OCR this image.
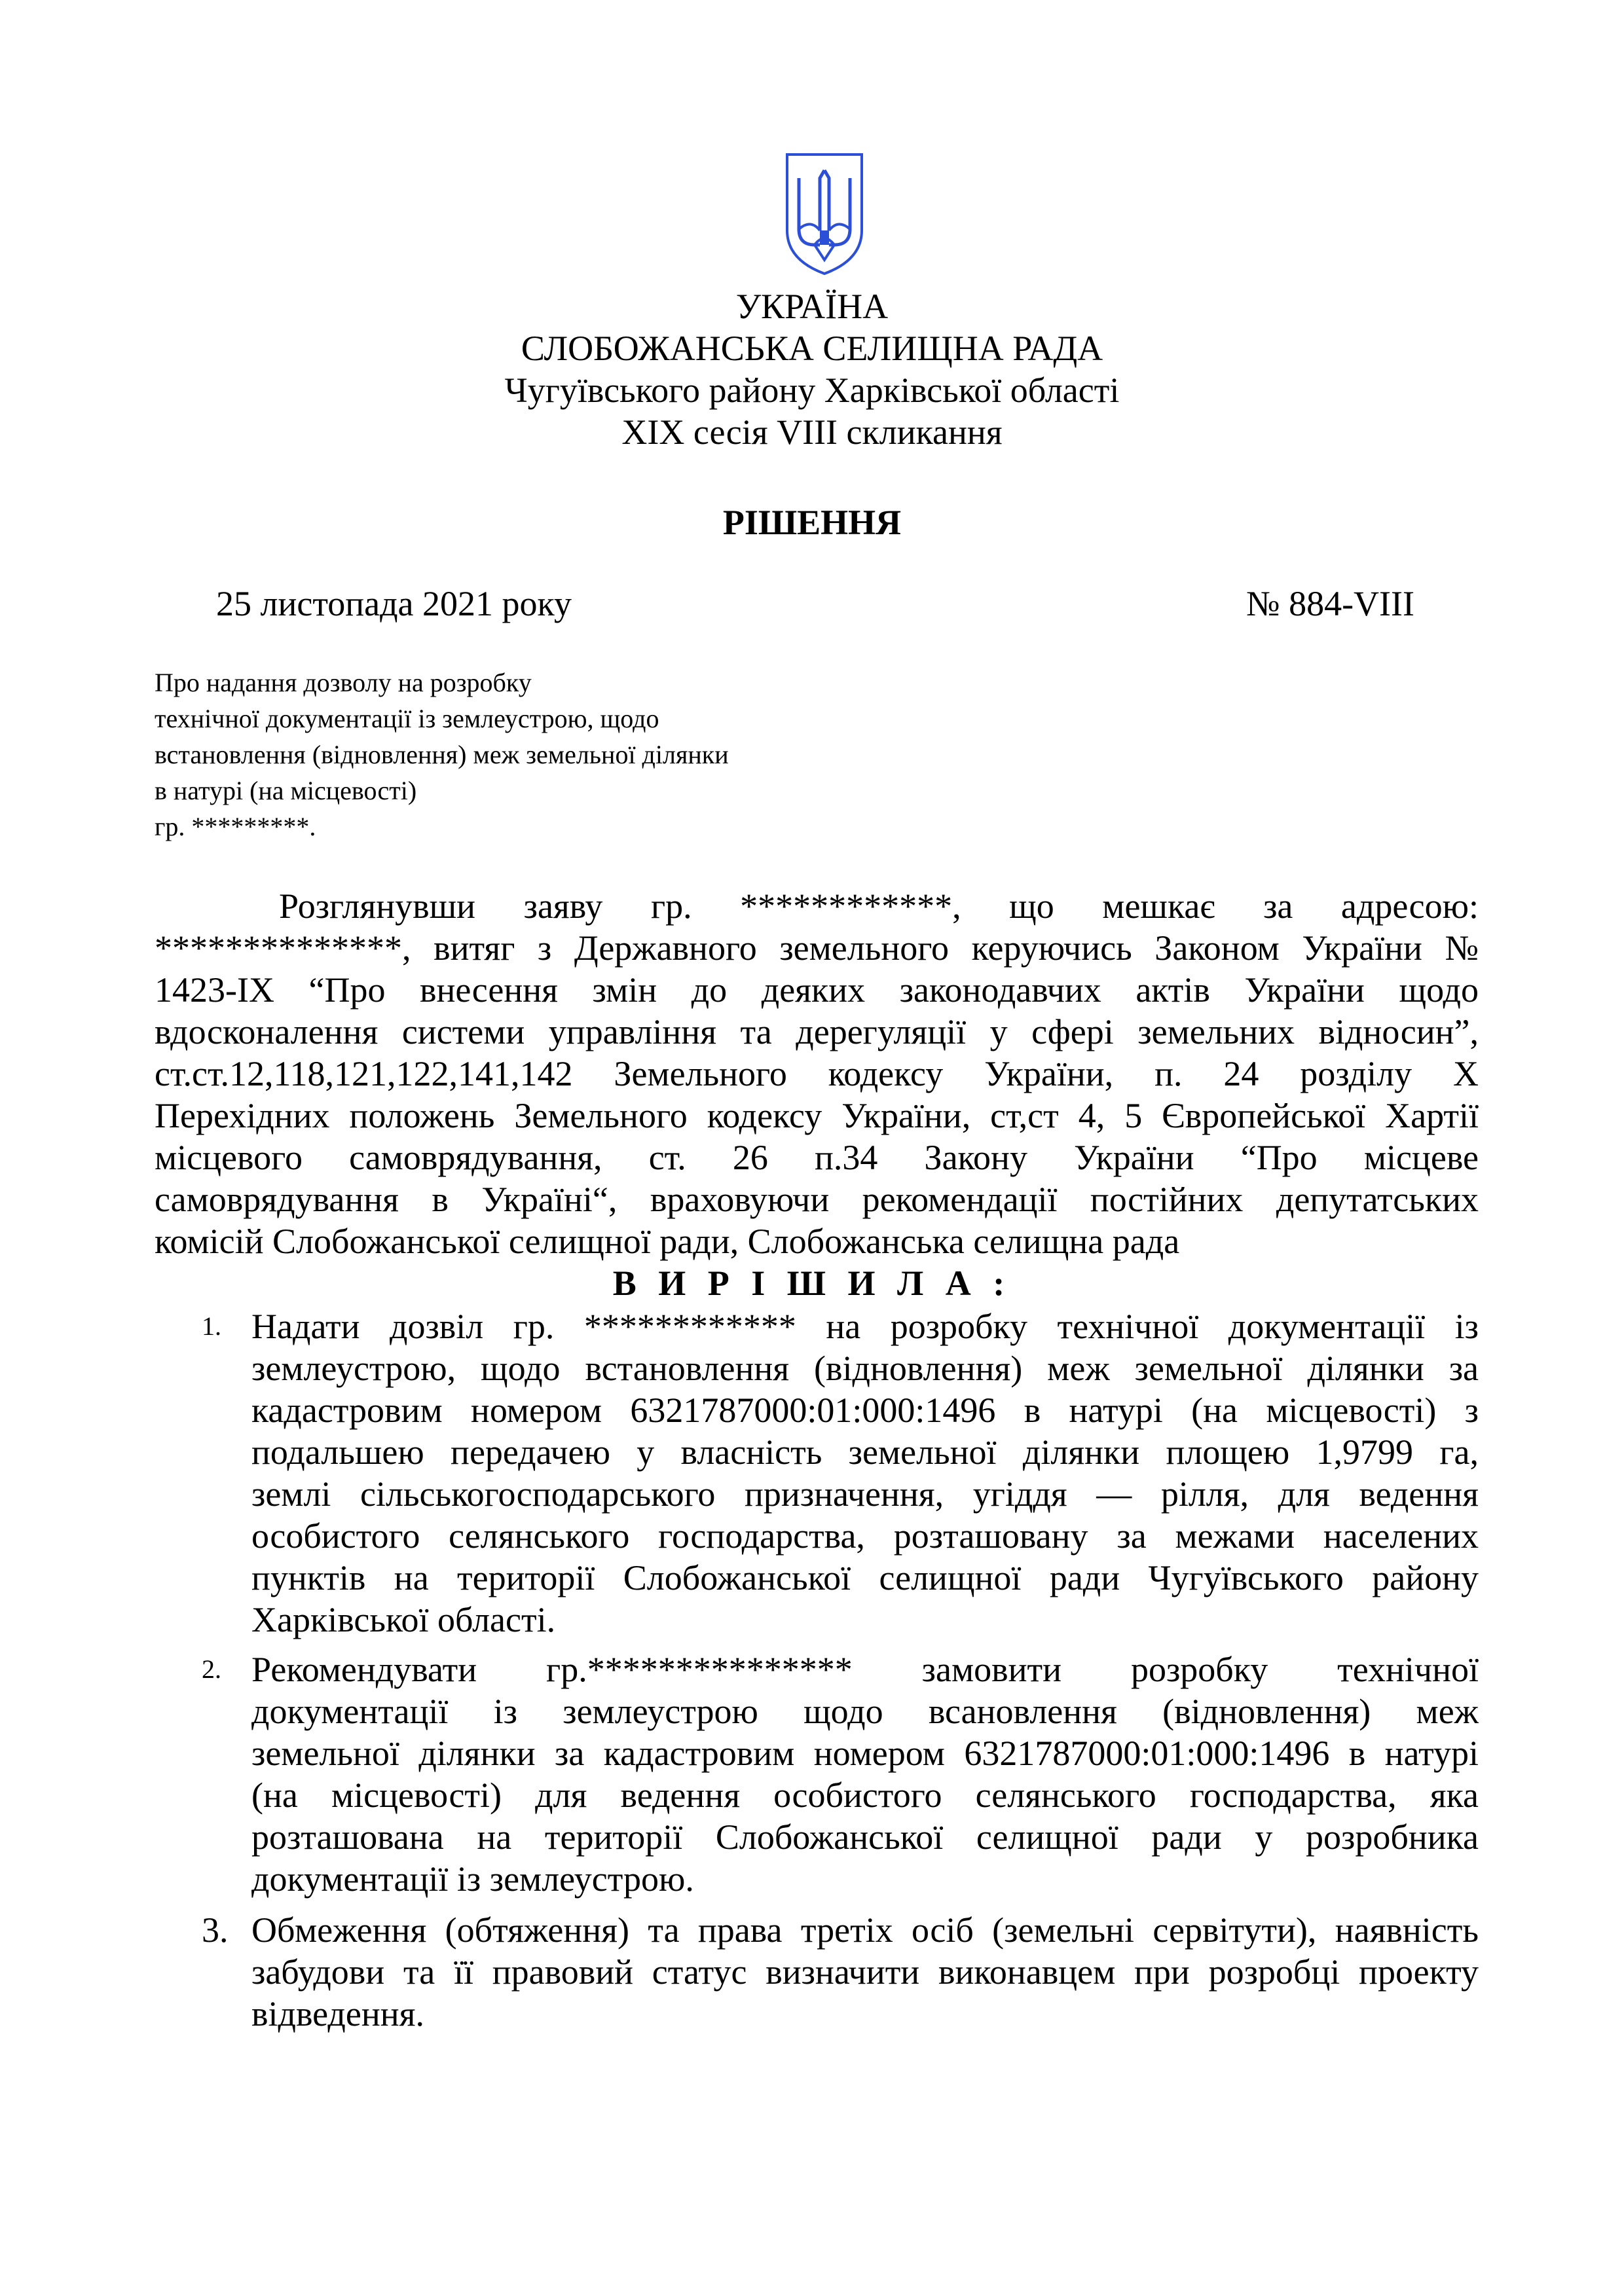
УКРАЇНА
СЛОБОЖАНСЬКА СЕЛИЩНА РАДА
Чугуївського району Харківської області
XIX сесія VIII скликання
РІШЕННЯ
25 листопада 2021 року	№ 884-VIII
Про надання дозволу на розробку
технічної документації із землеустрою, щодо
встановлення (відновлення) меж земельної ділянки
в натурі (на місцевості)
гр. *********.
Розглянувши заяву гр. ************, що мешкає за адресою:
**************, витяг з Державного земельного керуючись Законом України №
1423-IX “Про внесення змін до деяких законодавчих актів України щодо
вдосконалення системи управління та дерегуляції у сфері земельних відносин”,
ст.ст.12,118,121,122,141,142 Земельного кодексу України, п. 24 розділу Х
Перехідних положень Земельного кодексу України, ст,ст 4, 5 Європейської Хартії
місцевого самоврядування, ст. 26 п.34 Закону України “Про місцеве
самоврядування в Україні“, враховуючи рекомендації постійних депутатських
комісій Слобожанської селищної ради, Слобожанська селищна рада
В И Р І Ш И Л А :
1. Надати дозвіл гр. ************ на розробку технічної документації із
землеустрою, щодо встановлення (відновлення) меж земельної ділянки за
кадастровим номером 6321787000:01:000:1496 в натурі (на місцевості) з
подальшею передачею у власність земельної ділянки площею 1,9799 га,
землі сільськогосподарського призначення, угіддя — рілля, для ведення
особистого селянського господарства, розташовану за межами населених
пунктів на території Слобожанської селищної ради Чугуївського району
Харківської області.
2. Рекомендувати гр.*************** замовити розробку технічної
документації із землеустрою щодо всановлення (відновлення) меж
земельної ділянки за кадастровим номером 6321787000:01:000:1496 в натурі
(на місцевості) для ведення особистого селянського господарства, яка
розташована на території Слобожанської селищної ради у розробника
документації із землеустрою.
3. Обмеження (обтяження) та права третіх осіб (земельні сервітути), наявність
забудови та її правовий статус визначити виконавцем при розробці проекту
відведення.
